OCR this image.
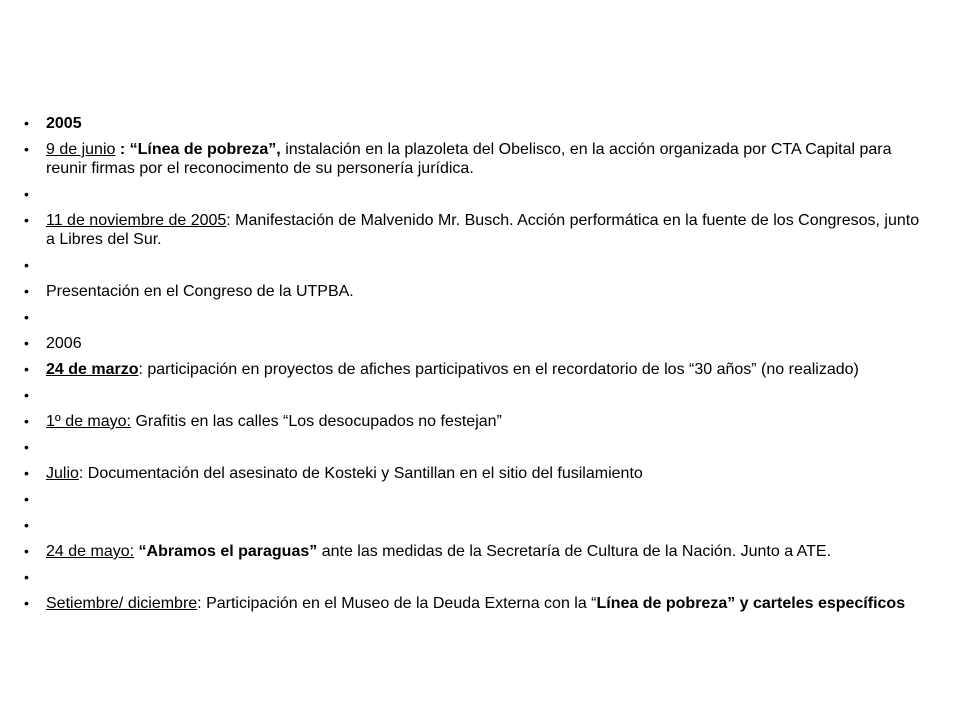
•	2005
•	9 de junio : “Línea de pobreza”, instalación en la plazoleta del Obelisco, en la acción organizada por CTA Capital para reunir firmas por el reconocimento de su personería jurídica.
•
•	11 de noviembre de 2005: Manifestación de Malvenido Mr. Busch. Acción performática en la fuente de los Congresos, junto a Libres del Sur.
•
•	Presentación en el Congreso de la UTPBA.
•
•	2006
•	24 de marzo: participación en proyectos de afiches participativos en el recordatorio de los “30 años” (no realizado)
•
•	1º de mayo: Grafitis en las calles “Los desocupados no festejan”
•
•	Julio: Documentación del asesinato de Kosteki y Santillan en el sitio del fusilamiento
•
•
•	24 de mayo: “Abramos el paraguas” ante las medidas de la Secretaría de Cultura de la Nación. Junto a ATE.
•
•	Setiembre/ diciembre: Participación en el Museo de la Deuda Externa con la “Línea de pobreza” y carteles específicos
